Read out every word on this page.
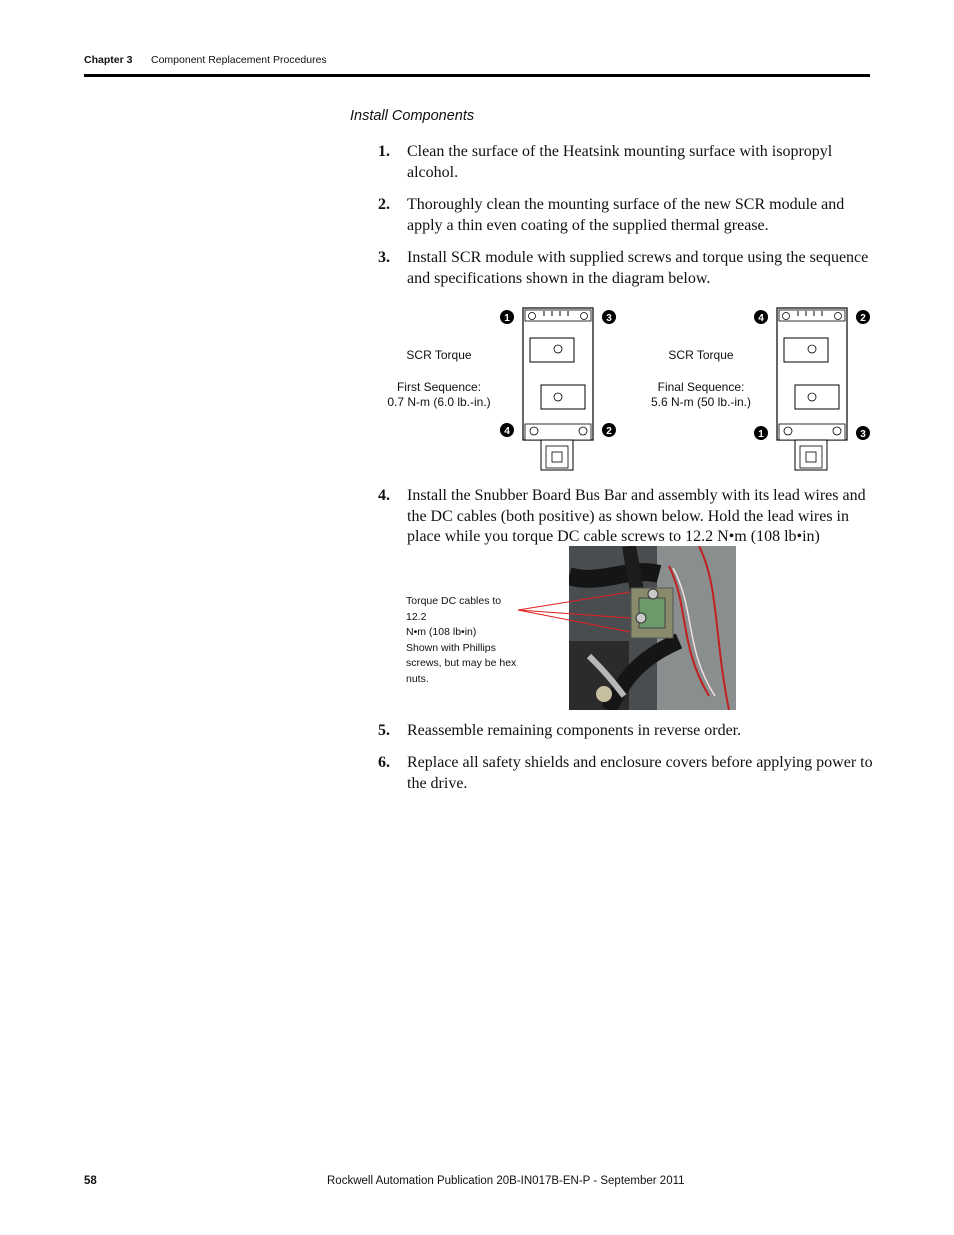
Chapter 3 Component Replacement Procedures
Install Components
1. Clean the surface of the Heatsink mounting surface with isopropyl alcohol.
2. Thoroughly clean the mounting surface of the new SCR module and apply a thin even coating of the supplied thermal grease.
3. Install SCR module with supplied screws and torque using the sequence and specifications shown in the diagram below.
SCR Torque
First Sequence:
0.7 N-m (6.0 lb.-in.)
1	3
4	2
SCR Torque
Final Sequence:
5.6 N-m (50 lb.-in.)
4	2
1	3
4. Install the Snubber Board Bus Bar and assembly with its lead wires and the DC cables (both positive) as shown below. Hold the lead wires in place while you torque DC cable screws to 12.2 N•m (108 lb•in)
Torque DC cables to 12.2
N•m (108 lb•in)
Shown with Phillips
screws, but may be hex
nuts.
5. Reassemble remaining components in reverse order.
6. Replace all safety shields and enclosure covers before applying power to the drive.
58	Rockwell Automation Publication 20B-IN017B-EN-P - September 2011
